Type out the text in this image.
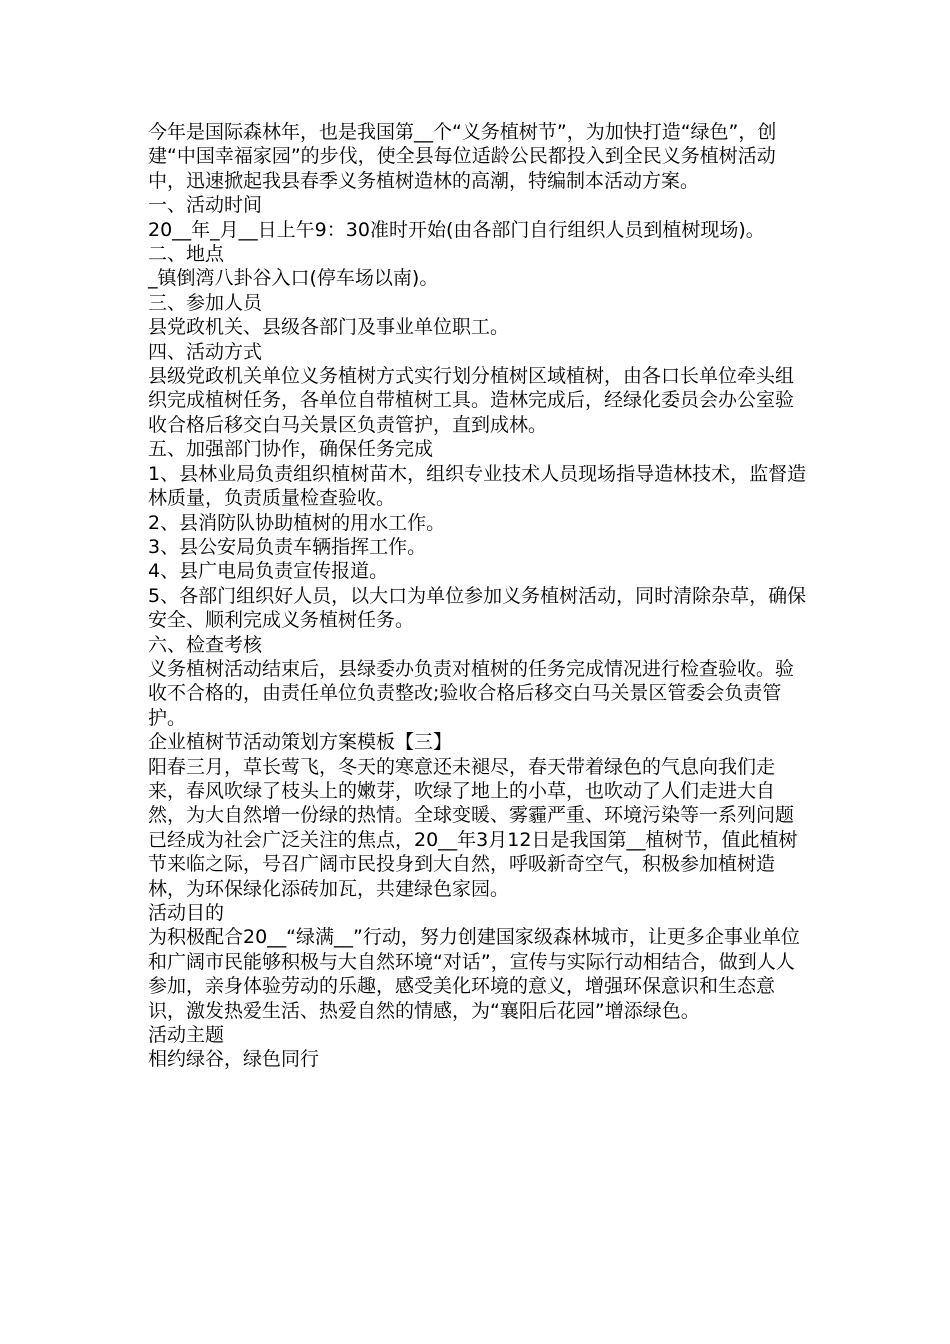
今年是国际森林年，也是我国第__个“义务植树节”，为加快打造“绿色”，创建“中国幸福家园”的步伐，使全县每位适龄公民都投入到全民义务植树活动中，迅速掀起我县春季义务植树造林的高潮，特编制本活动方案。

一、活动时间

20__年_月__日上午9：30准时开始(由各部门自行组织人员到植树现场)。

二、地点

_镇倒湾八卦谷入口(停车场以南)。

三、参加人员

县党政机关、县级各部门及事业单位职工。

四、活动方式

县级党政机关单位义务植树方式实行划分植树区域植树，由各口长单位牵头组织完成植树任务，各单位自带植树工具。造林完成后，经绿化委员会办公室验收合格后移交白马关景区负责管护，直到成林。

五、加强部门协作，确保任务完成

1、县林业局负责组织植树苗木，组织专业技术人员现场指导造林技术，监督造林质量，负责质量检查验收。

2、县消防队协助植树的用水工作。

3、县公安局负责车辆指挥工作。

4、县广电局负责宣传报道。

5、各部门组织好人员，以大口为单位参加义务植树活动，同时清除杂草，确保安全、顺利完成义务植树任务。

六、检查考核

义务植树活动结束后，县绿委办负责对植树的任务完成情况进行检查验收。验收不合格的，由责任单位负责整改;验收合格后移交白马关景区管委会负责管护。

企业植树节活动策划方案模板【三】

阳春三月，草长莺飞，冬天的寒意还未褪尽，春天带着绿色的气息向我们走来，春风吹绿了枝头上的嫩芽，吹绿了地上的小草，也吹动了人们走进大自然，为大自然增一份绿的热情。全球变暖、雾霾严重、环境污染等一系列问题已经成为社会广泛关注的焦点，20__年3月12日是我国第__植树节，值此植树节来临之际，号召广阔市民投身到大自然，呼吸新奇空气，积极参加植树造林，为环保绿化添砖加瓦，共建绿色家园。

活动目的

为积极配合20__“绿满__”行动，努力创建国家级森林城市，让更多企事业单位和广阔市民能够积极与大自然环境“对话”，宣传与实际行动相结合，做到人人参加，亲身体验劳动的乐趣，感受美化环境的意义，增强环保意识和生态意识，激发热爱生活、热爱自然的情感，为“襄阳后花园”增添绿色。

活动主题

相约绿谷，绿色同行
